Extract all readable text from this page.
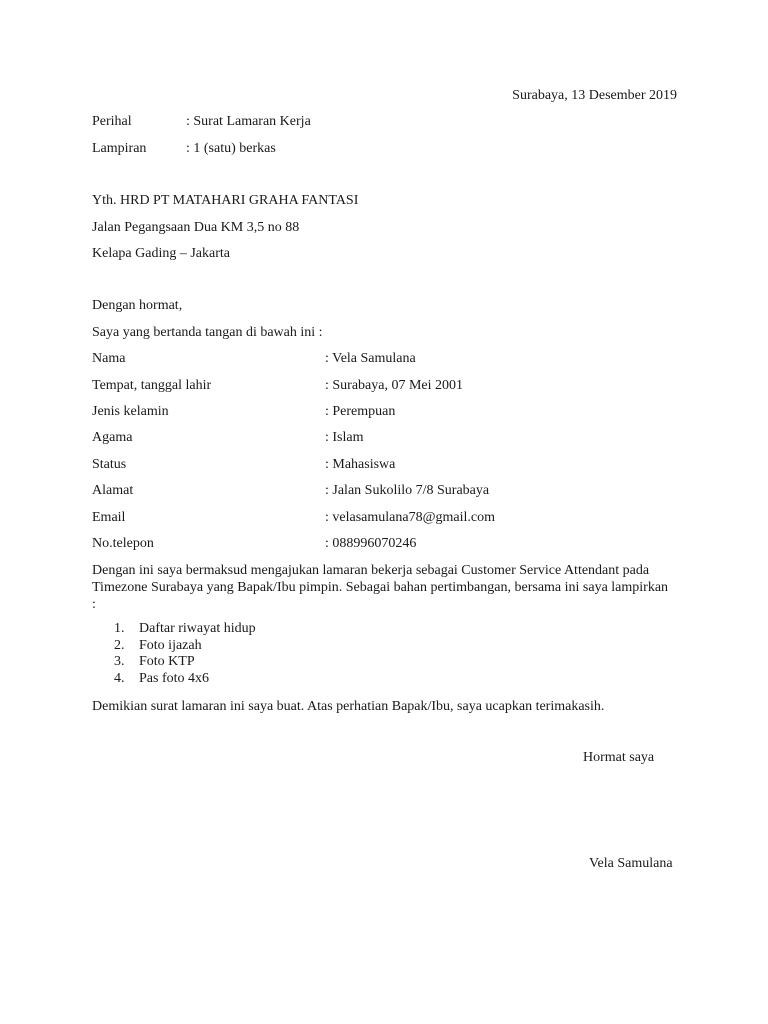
Surabaya, 13 Desember 2019
Perihal	: Surat Lamaran Kerja
Lampiran	: 1 (satu) berkas
Yth. HRD PT MATAHARI GRAHA FANTASI
Jalan Pegangsaan Dua KM 3,5 no 88
Kelapa Gading – Jakarta
Dengan hormat,
Saya yang bertanda tangan di bawah ini :
Nama	: Vela Samulana
Tempat, tanggal lahir	: Surabaya, 07 Mei 2001
Jenis kelamin	: Perempuan
Agama	: Islam
Status	: Mahasiswa
Alamat	: Jalan Sukolilo 7/8 Surabaya
Email	: velasamulana78@gmail.com
No.telepon	: 088996070246
Dengan ini saya bermaksud mengajukan lamaran bekerja sebagai Customer Service Attendant pada Timezone Surabaya yang Bapak/Ibu pimpin. Sebagai bahan pertimbangan, bersama ini saya lampirkan :
1.	Daftar riwayat hidup
2.	Foto ijazah
3.	Foto KTP
4.	Pas foto 4x6
Demikian surat lamaran ini saya buat. Atas perhatian Bapak/Ibu, saya ucapkan terimakasih.
Hormat saya
Vela Samulana
